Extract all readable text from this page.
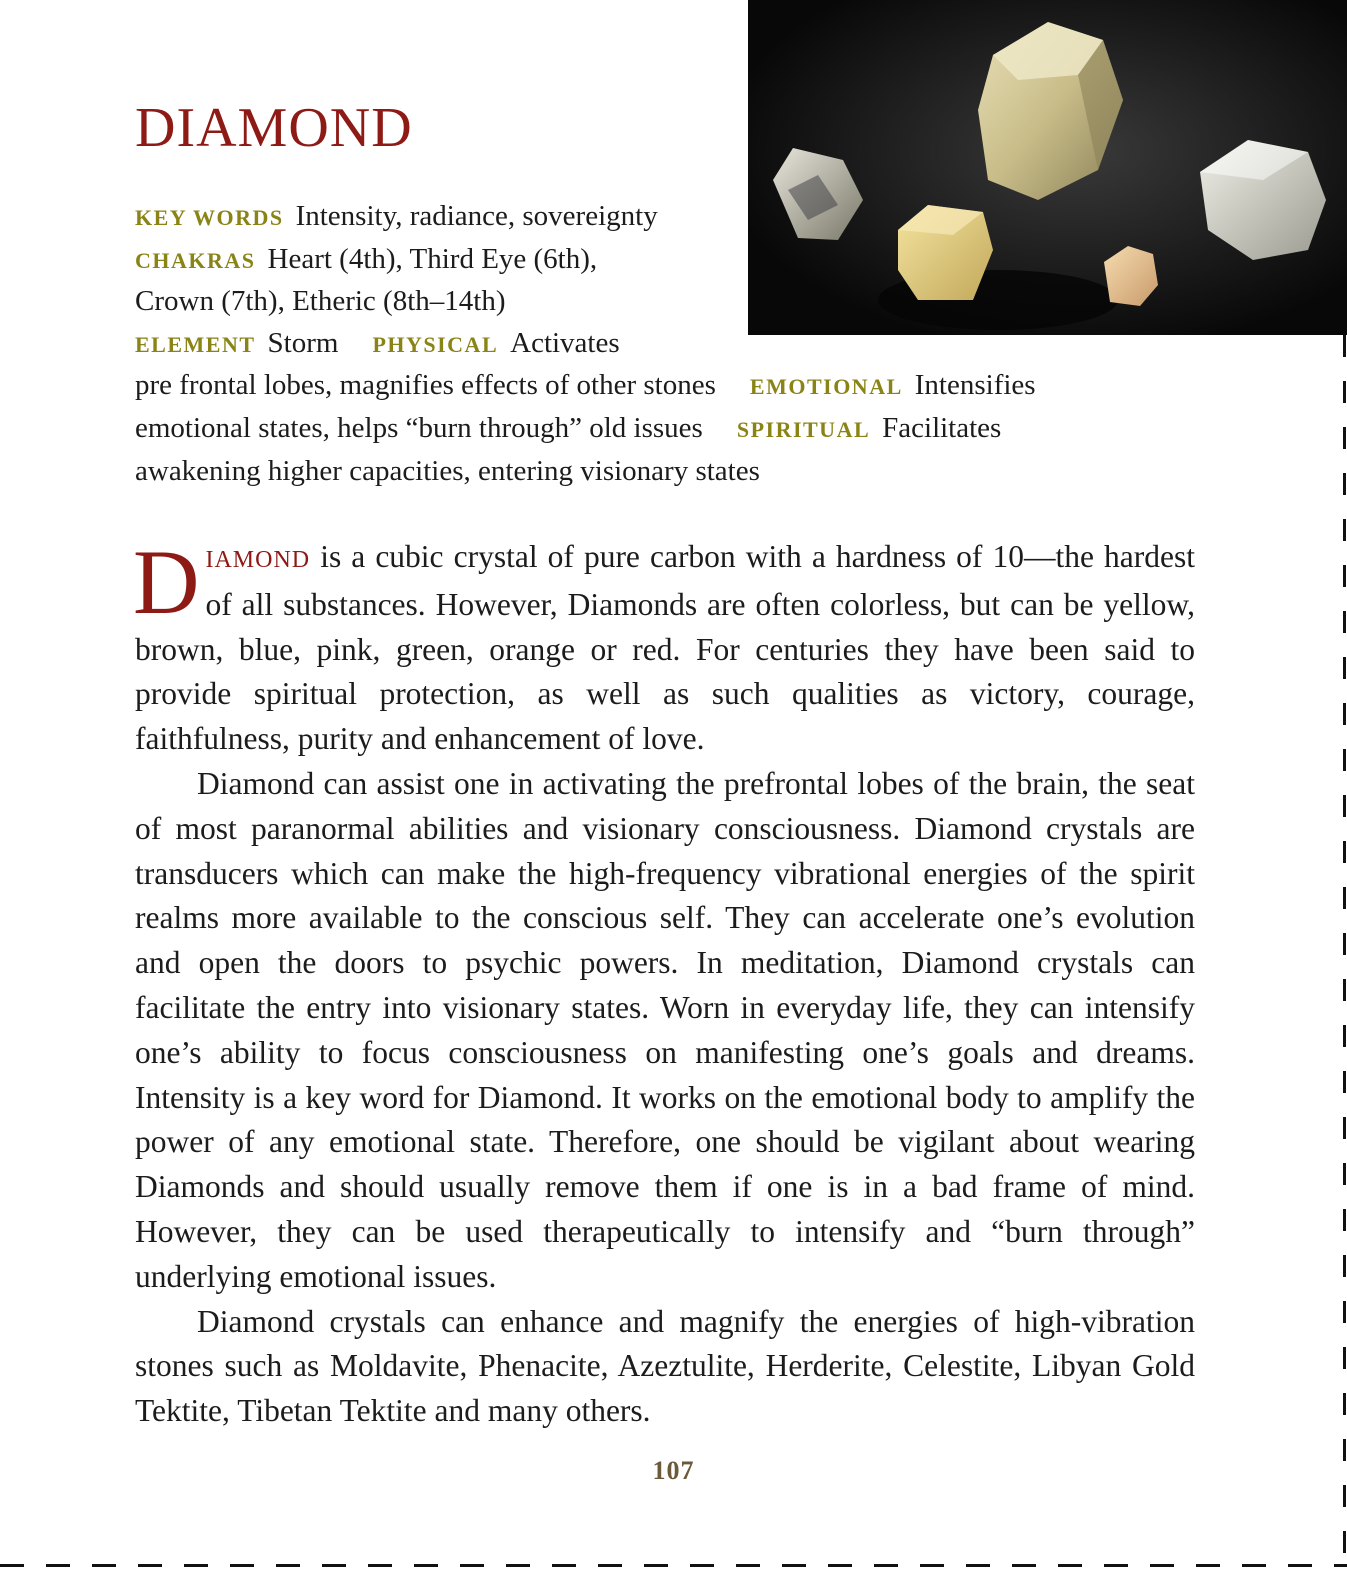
DIAMOND
KEY WORDS Intensity, radiance, sovereignty
CHAKRAS Heart (4th), Third Eye (6th),
Crown (7th), Etheric (8th–14th)
ELEMENT Storm PHYSICAL Activates
pre frontal lobes, magnifies effects of other stones EMOTIONAL Intensifies
emotional states, helps “burn through” old issues SPIRITUAL Facilitates
awakening higher capacities, entering visionary states

DIAMOND is a cubic crystal of pure carbon with a hardness of 10—the hardest of all substances. However, Diamonds are often colorless, but can be yellow, brown, blue, pink, green, orange or red. For centuries they have been said to provide spiritual protection, as well as such qualities as victory, courage, faithfulness, purity and enhancement of love.

Diamond can assist one in activating the prefrontal lobes of the brain, the seat of most paranormal abilities and visionary consciousness. Diamond crystals are transducers which can make the high-frequency vibrational energies of the spirit realms more available to the conscious self. They can accelerate one’s evolution and open the doors to psychic powers. In meditation, Diamond crystals can facilitate the entry into visionary states. Worn in everyday life, they can intensify one’s ability to focus consciousness on manifesting one’s goals and dreams. Intensity is a key word for Diamond. It works on the emotional body to amplify the power of any emotional state. Therefore, one should be vigilant about wearing Diamonds and should usually remove them if one is in a bad frame of mind. However, they can be used therapeutically to intensify and “burn through” underlying emotional issues.

Diamond crystals can enhance and magnify the energies of high-vibration stones such as Moldavite, Phenacite, Azeztulite, Herderite, Celestite, Libyan Gold Tektite, Tibetan Tektite and many others.

107
